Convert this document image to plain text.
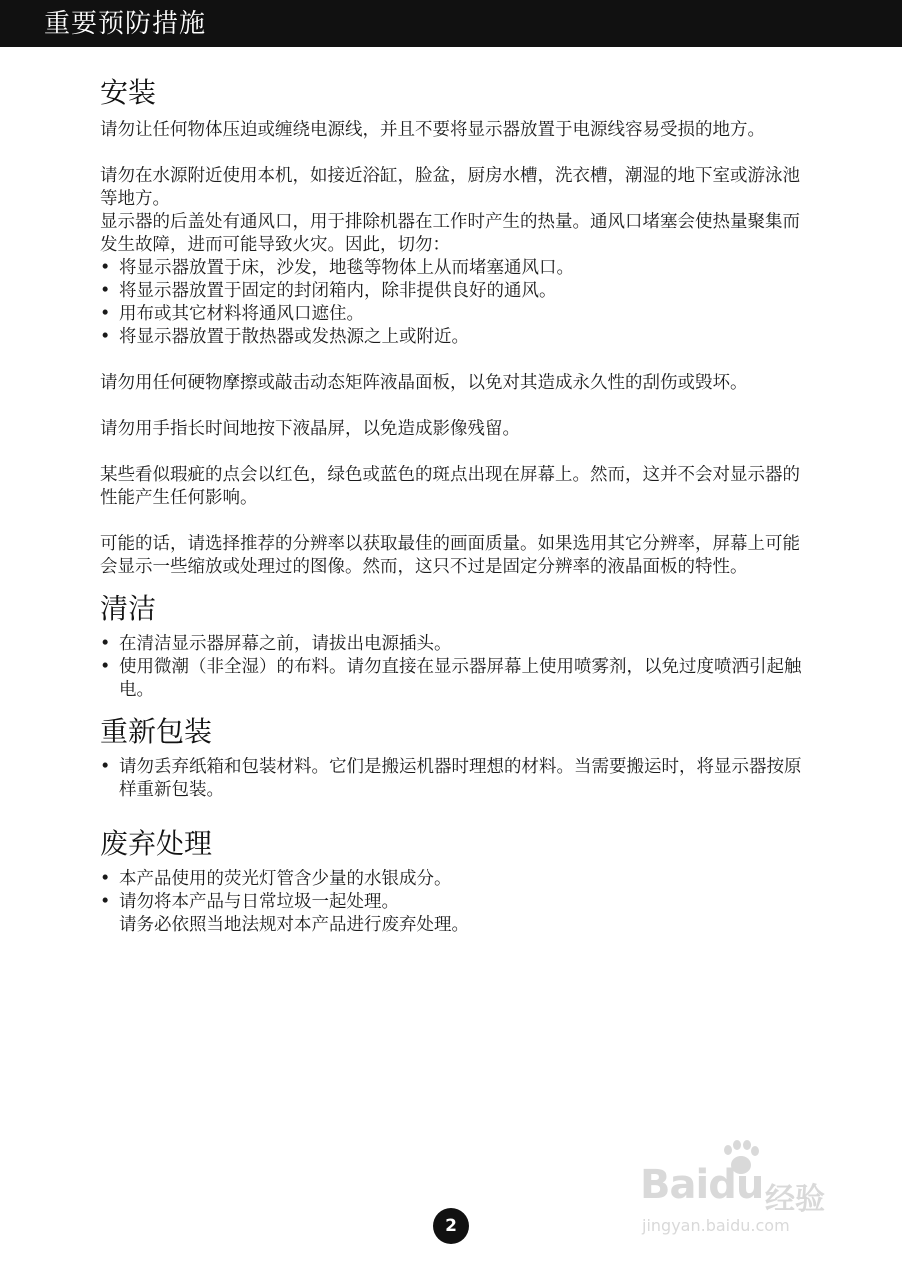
重要预防措施
安装

请勿让任何物体压迫或缠绕电源线，并且不要将显示器放置于电源线容易受损的地方。

请勿在水源附近使用本机，如接近浴缸，脸盆，厨房水槽，洗衣槽，潮湿的地下室或游泳池等地方。

显示器的后盖处有通风口，用于排除机器在工作时产生的热量。通风口堵塞会使热量聚集而发生故障，进而可能导致火灾。因此，切勿：

• 将显示器放置于床，沙发，地毯等物体上从而堵塞通风口。
• 将显示器放置于固定的封闭箱内，除非提供良好的通风。
• 用布或其它材料将通风口遮住。
• 将显示器放置于散热器或发热源之上或附近。

请勿用任何硬物摩擦或敲击动态矩阵液晶面板，以免对其造成永久性的刮伤或毁坏。

请勿用手指长时间地按下液晶屏，以免造成影像残留。

某些看似瑕疵的点会以红色，绿色或蓝色的斑点出现在屏幕上。然而，这并不会对显示器的性能产生任何影响。

可能的话，请选择推荐的分辨率以获取最佳的画面质量。如果选用其它分辨率，屏幕上可能会显示一些缩放或处理过的图像。然而，这只不过是固定分辨率的液晶面板的特性。

清洁
• 在清洁显示器屏幕之前，请拔出电源插头。
• 使用微潮（非全湿）的布料。请勿直接在显示器屏幕上使用喷雾剂，以免过度喷洒引起触电。
重新包装
• 请勿丢弃纸箱和包装材料。它们是搬运机器时理想的材料。当需要搬运时，将显示器按原样重新包装。
废弃处理
• 本产品使用的荧光灯管含少量的水银成分。
• 请勿将本产品与日常垃圾一起处理。
请务必依照当地法规对本产品进行废弃处理。
Baidu 经验
jingyan.baidu.com
2
